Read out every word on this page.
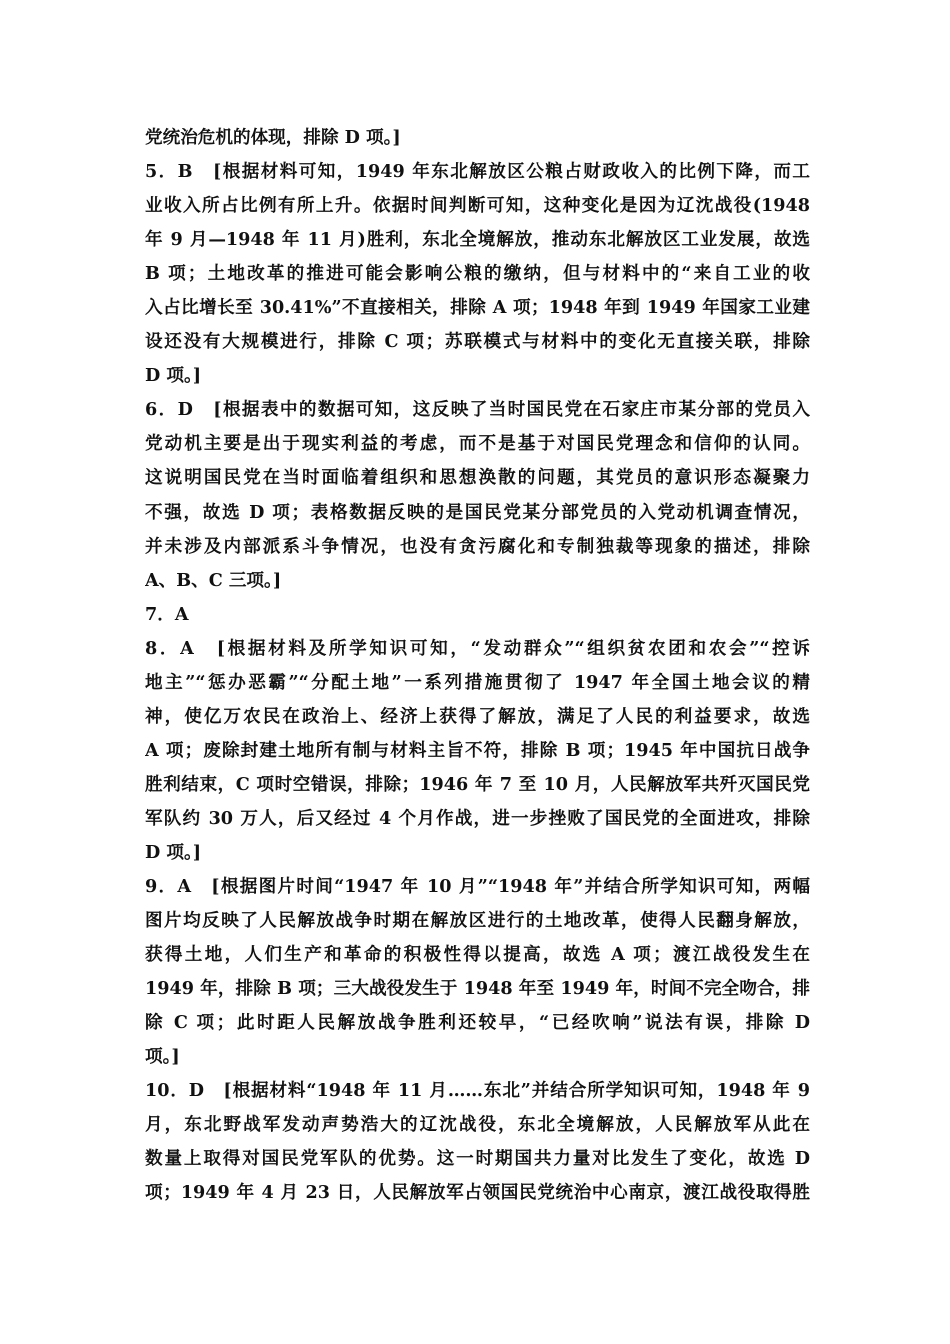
党统治危机的体现，排除 D 项。]
5．B　[根据材料可知，1949 年东北解放区公粮占财政收入的比例下降，而工
业收入所占比例有所上升。依据时间判断可知，这种变化是因为辽沈战役(1948
年 9 月—1948 年 11 月)胜利，东北全境解放，推动东北解放区工业发展，故选
B 项；土地改革的推进可能会影响公粮的缴纳，但与材料中的“来自工业的收
入占比增长至 30.41%”不直接相关，排除 A 项；1948 年到 1949 年国家工业建
设还没有大规模进行，排除 C 项；苏联模式与材料中的变化无直接关联，排除
D 项。]
6．D　[根据表中的数据可知，这反映了当时国民党在石家庄市某分部的党员入
党动机主要是出于现实利益的考虑，而不是基于对国民党理念和信仰的认同。
这说明国民党在当时面临着组织和思想涣散的问题，其党员的意识形态凝聚力
不强，故选 D 项；表格数据反映的是国民党某分部党员的入党动机调查情况，
并未涉及内部派系斗争情况，也没有贪污腐化和专制独裁等现象的描述，排除
A、B、C 三项。]
7．A
8．A　[根据材料及所学知识可知，“发动群众”“组织贫农团和农会”“控诉
地主”“惩办恶霸”“分配土地”一系列措施贯彻了 1947 年全国土地会议的精
神，使亿万农民在政治上、经济上获得了解放，满足了人民的利益要求，故选
A 项；废除封建土地所有制与材料主旨不符，排除 B 项；1945 年中国抗日战争
胜利结束，C 项时空错误，排除；1946 年 7 至 10 月，人民解放军共歼灭国民党
军队约 30 万人，后又经过 4 个月作战，进一步挫败了国民党的全面进攻，排除
D 项。]
9．A　[根据图片时间“1947 年 10 月”“1948 年”并结合所学知识可知，两幅
图片均反映了人民解放战争时期在解放区进行的土地改革，使得人民翻身解放，
获得土地，人们生产和革命的积极性得以提高，故选 A 项；渡江战役发生在
1949 年，排除 B 项；三大战役发生于 1948 年至 1949 年，时间不完全吻合，排
除 C 项；此时距人民解放战争胜利还较早，“已经吹响”说法有误，排除 D
项。]
10．D　[根据材料“1948 年 11 月……东北”并结合所学知识可知，1948 年 9
月，东北野战军发动声势浩大的辽沈战役，东北全境解放，人民解放军从此在
数量上取得对国民党军队的优势。这一时期国共力量对比发生了变化，故选 D
项；1949 年 4 月 23 日，人民解放军占领国民党统治中心南京，渡江战役取得胜
